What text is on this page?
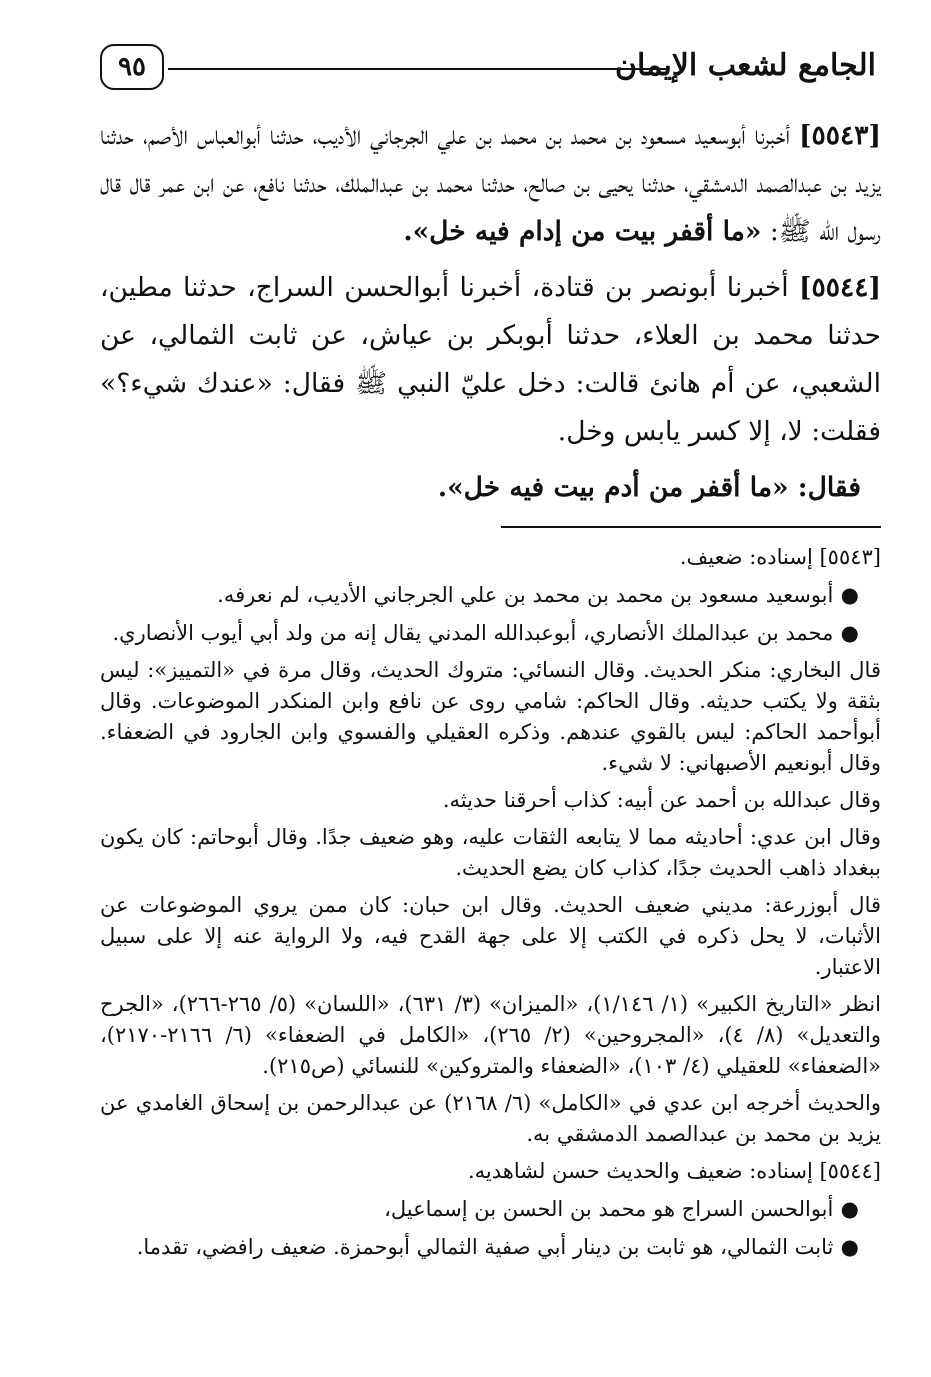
الجامع لشعب الإيمان
٩٥

[٥٥٤٣] أخبرنا أبوسعيد مسعود بن محمد بن محمد بن علي الجرجاني الأديب، حدثنا أبوالعباس الأصم، حدثنا يزيد بن عبدالصمد الدمشقي، حدثنا يحيى بن صالح، حدثنا محمد بن عبدالملك، حدثنا نافع، عن ابن عمر قال قال رسول الله ﷺ: «ما أقفر بيت من إدام فيه خل».

[٥٥٤٤] أخبرنا أبونصر بن قتادة، أخبرنا أبوالحسن السراج، حدثنا مطين، حدثنا محمد بن العلاء، حدثنا أبوبكر بن عياش، عن ثابت الثمالي، عن الشعبي، عن أم هانئ قالت: دخل عليّ النبي ﷺ فقال: «عندك شيء؟» فقلت: لا، إلا كسر يابس وخل.

فقال: «ما أقفر من أدم بيت فيه خل».

[٥٥٤٣] إسناده: ضعيف.

● أبوسعيد مسعود بن محمد بن محمد بن علي الجرجاني الأديب، لم نعرفه.

● محمد بن عبدالملك الأنصاري، أبوعبدالله المدني يقال إنه من ولد أبي أيوب الأنصاري.

قال البخاري: منكر الحديث. وقال النسائي: متروك الحديث، وقال مرة في «التمييز»: ليس بثقة ولا يكتب حديثه. وقال الحاكم: شامي روى عن نافع وابن المنكدر الموضوعات. وقال أبوأحمد الحاكم: ليس بالقوي عندهم. وذكره العقيلي والفسوي وابن الجارود في الضعفاء. وقال أبونعيم الأصبهاني: لا شيء.

وقال عبدالله بن أحمد عن أبيه: كذاب أحرقنا حديثه.

وقال ابن عدي: أحاديثه مما لا يتابعه الثقات عليه، وهو ضعيف جدًا. وقال أبوحاتم: كان يكون ببغداد ذاهب الحديث جدًا، كذاب كان يضع الحديث.

قال أبوزرعة: مديني ضعيف الحديث. وقال ابن حبان: كان ممن يروي الموضوعات عن الأثبات، لا يحل ذكره في الكتب إلا على جهة القدح فيه، ولا الرواية عنه إلا على سبيل الاعتبار.

انظر «التاريخ الكبير» (١/ ١/١٤٦)، «الميزان» (٣/ ٦٣١)، «اللسان» (٥/ ٢٦٥-٢٦٦)، «الجرح والتعديل» (٨/ ٤)، «المجروحين» (٢/ ٢٦٥)، «الكامل في الضعفاء» (٦/ ٢١٦٦-٢١٧٠)، «الضعفاء» للعقيلي (٤/ ١٠٣)، «الضعفاء والمتروكين» للنسائي (ص٢١٥).

والحديث أخرجه ابن عدي في «الكامل» (٦/ ٢١٦٨) عن عبدالرحمن بن إسحاق الغامدي عن يزيد بن محمد بن عبدالصمد الدمشقي به.

[٥٥٤٤] إسناده: ضعيف والحديث حسن لشاهديه.

● أبوالحسن السراج هو محمد بن الحسن بن إسماعيل،

● ثابت الثمالي، هو ثابت بن دينار أبي صفية الثمالي أبوحمزة. ضعيف رافضي، تقدما.
